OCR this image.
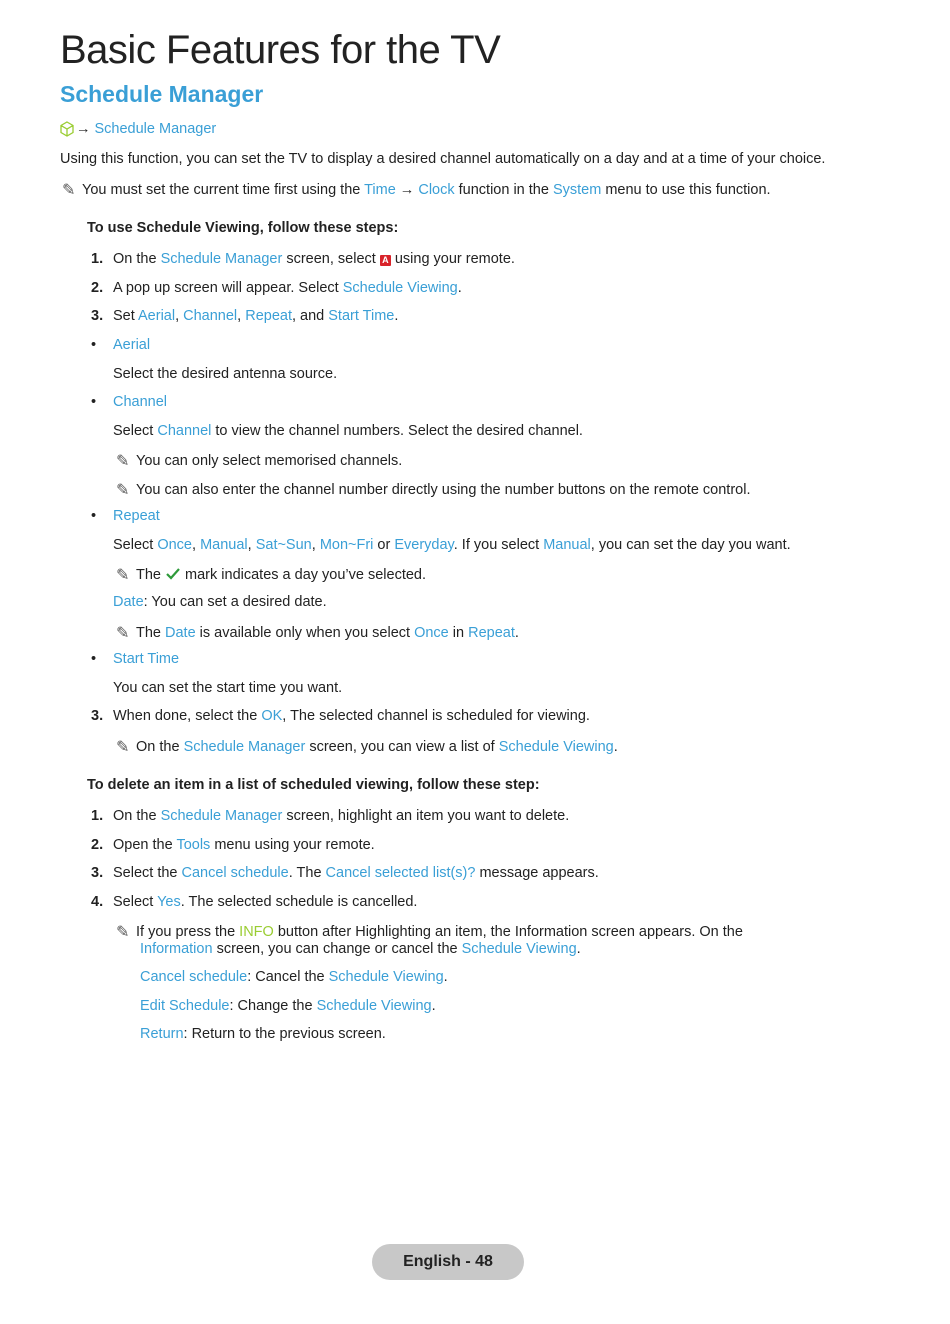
Basic Features for the TV
Schedule Manager
→ Schedule Manager
Using this function, you can set the TV to display a desired channel automatically on a day and at a time of your choice.
✎ You must set the current time first using the Time → Clock function in the System menu to use this function.
To use Schedule Viewing, follow these steps:
1. On the Schedule Manager screen, select A using your remote.
2. A pop up screen will appear. Select Schedule Viewing.
3. Set Aerial, Channel, Repeat, and Start Time.
• Aerial
Select the desired antenna source.
• Channel
Select Channel to view the channel numbers. Select the desired channel.
✎ You can only select memorised channels.
✎ You can also enter the channel number directly using the number buttons on the remote control.
• Repeat
Select Once, Manual, Sat~Sun, Mon~Fri or Everyday. If you select Manual, you can set the day you want.
✎ The  mark indicates a day you’ve selected.
Date: You can set a desired date.
✎ The Date is available only when you select Once in Repeat.
• Start Time
You can set the start time you want.
3. When done, select the OK, The selected channel is scheduled for viewing.
✎ On the Schedule Manager screen, you can view a list of Schedule Viewing.
To delete an item in a list of scheduled viewing, follow these step:
1. On the Schedule Manager screen, highlight an item you want to delete.
2. Open the Tools menu using your remote.
3. Select the Cancel schedule. The Cancel selected list(s)? message appears.
4. Select Yes. The selected schedule is cancelled.
✎ If you press the INFO button after Highlighting an item, the Information screen appears. On the
Information screen, you can change or cancel the Schedule Viewing.
Cancel schedule: Cancel the Schedule Viewing.
Edit Schedule: Change the Schedule Viewing.
Return: Return to the previous screen.
English - 48
